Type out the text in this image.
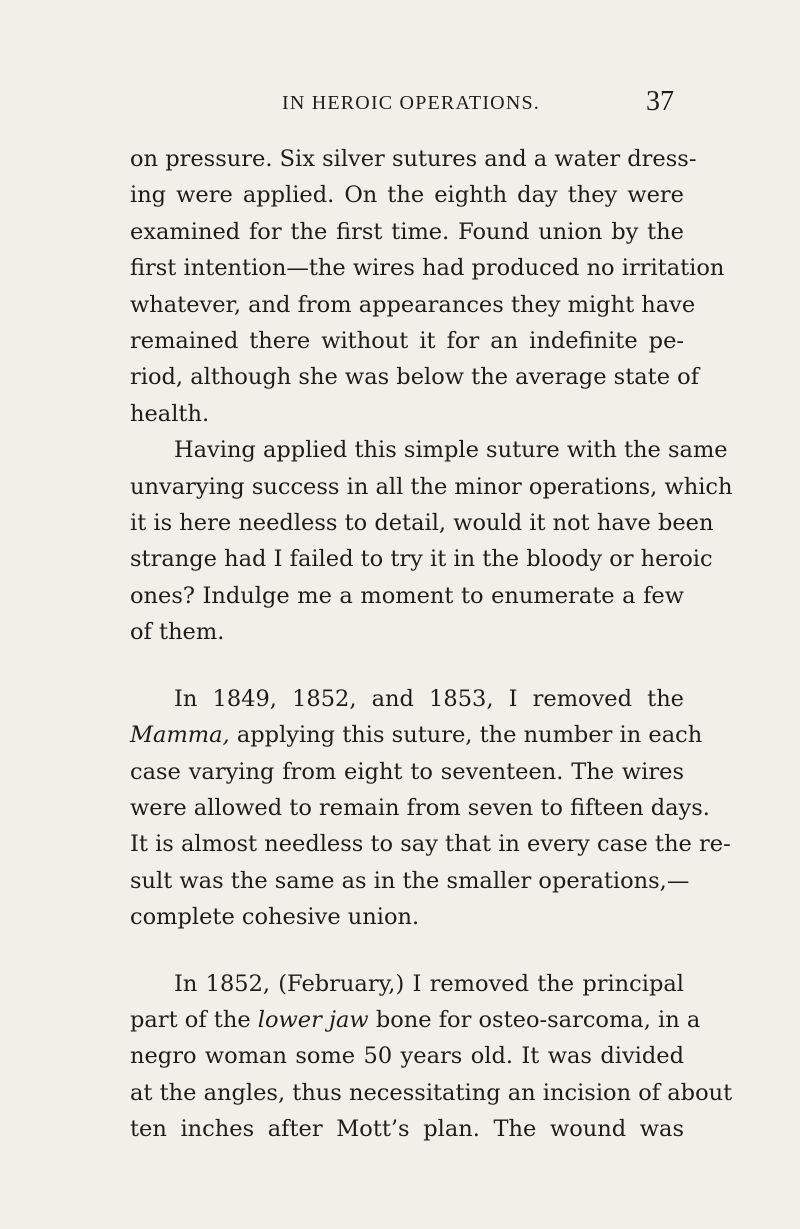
IN HEROIC OPERATIONS.	37
on pressure. Six silver sutures and a water dress-
ing were applied. On the eighth day they were
examined for the first time. Found union by the
first intention—the wires had produced no irritation
whatever, and from appearances they might have
remained there without it for an indefinite pe-
riod, although she was below the average state of
health.
Having applied this simple suture with the same
unvarying success in all the minor operations, which
it is here needless to detail, would it not have been
strange had I failed to try it in the bloody or heroic
ones? Indulge me a moment to enumerate a few
of them.
In 1849, 1852, and 1853, I removed the
Mamma, applying this suture, the number in each
case varying from eight to seventeen. The wires
were allowed to remain from seven to fifteen days.
It is almost needless to say that in every case the re-
sult was the same as in the smaller operations,—
complete cohesive union.
In 1852, (February,) I removed the principal
part of the lower jaw bone for osteo-sarcoma, in a
negro woman some 50 years old. It was divided
at the angles, thus necessitating an incision of about
ten inches after Mott’s plan. The wound was
